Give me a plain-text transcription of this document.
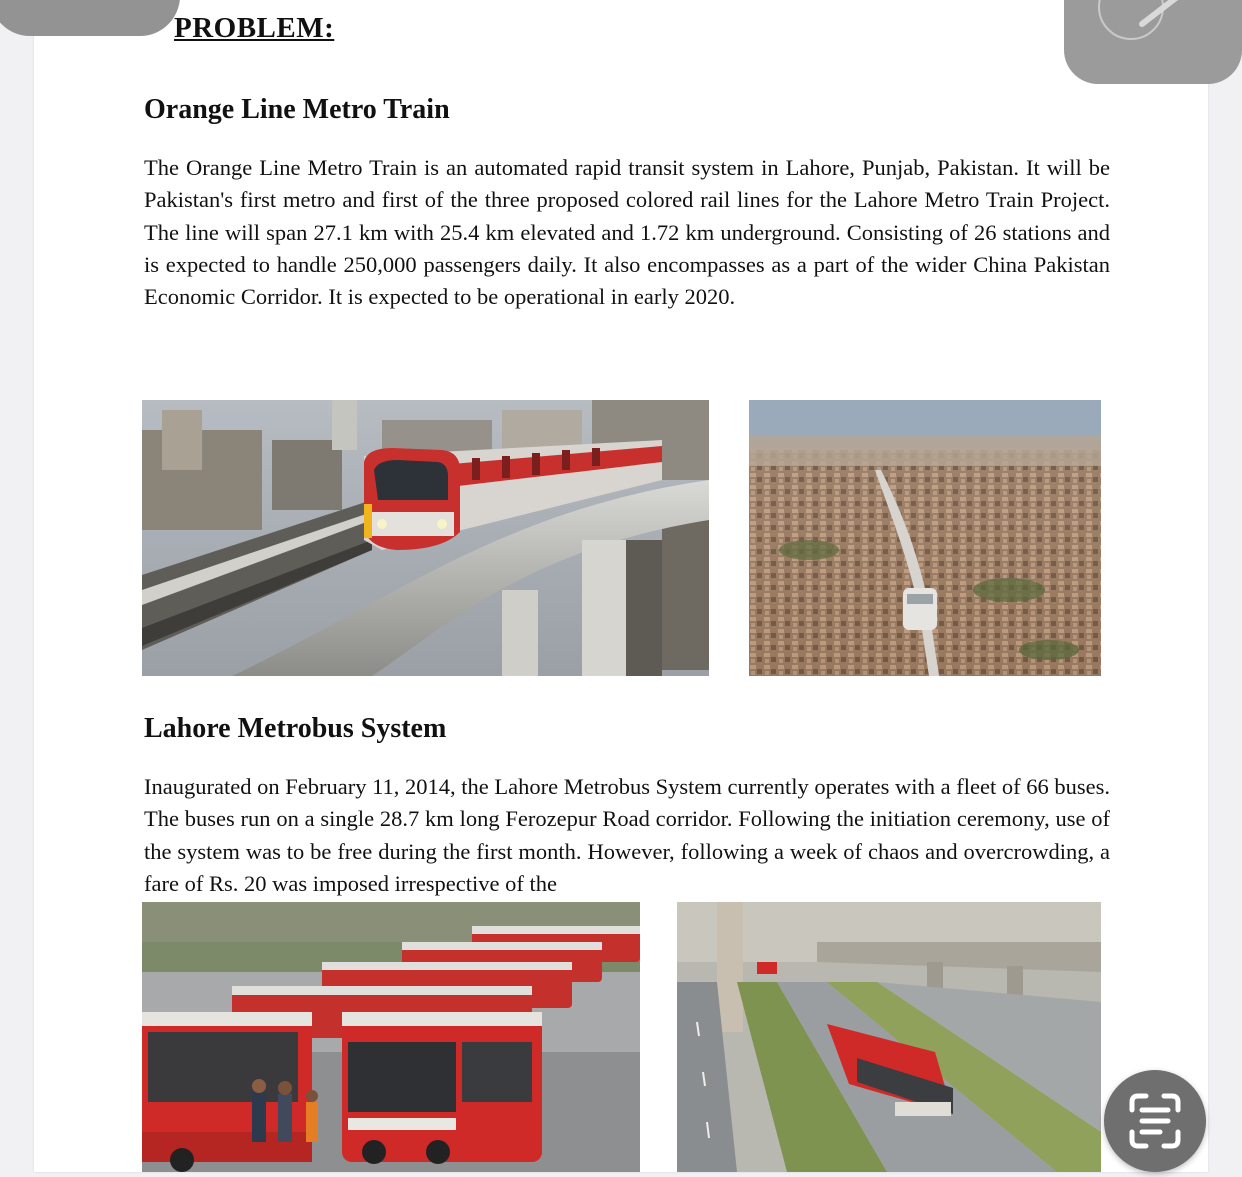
PROBLEM:
Orange Line Metro Train

The Orange Line Metro Train is an automated rapid transit system in Lahore, Punjab, Pakistan. It will be Pakistan's first metro and first of the three proposed colored rail lines for the Lahore Metro Train Project. The line will span 27.1 km with 25.4 km elevated and 1.72 km underground. Consisting of 26 stations and is expected to handle 250,000 passengers daily. It also encompasses as a part of the wider China Pakistan Economic Corridor. It is expected to be operational in early 2020.

Lahore Metrobus System

Inaugurated on February 11, 2014, the Lahore Metrobus System currently operates with a fleet of 66 buses. The buses run on a single 28.7 km long Ferozepur Road corridor. Following the initiation ceremony, use of the system was to be free during the first month. However, following a week of chaos and overcrowding, a fare of Rs. 20 was imposed irrespective of the
